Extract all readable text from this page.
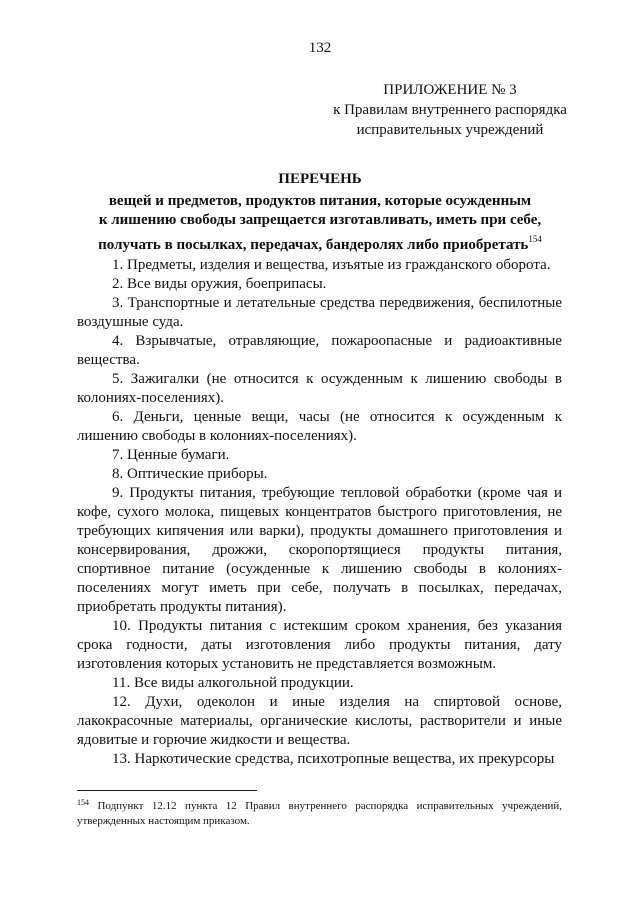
132
ПРИЛОЖЕНИЕ № 3
к Правилам внутреннего распорядка
исправительных учреждений
ПЕРЕЧЕНЬ
вещей и предметов, продуктов питания, которые осужденным
к лишению свободы запрещается изготавливать, иметь при себе,
получать в посылках, передачах, бандеролях либо приобретать$^{154}$

1. Предметы, изделия и вещества, изъятые из гражданского оборота.

2. Все виды оружия, боеприпасы.

3. Транспортные и летательные средства передвижения, беспилотные воздушные суда.

4. Взрывчатые, отравляющие, пожароопасные и радиоактивные вещества.

5. Зажигалки (не относится к осужденным к лишению свободы в колониях-поселениях).

6. Деньги, ценные вещи, часы (не относится к осужденным к лишению свободы в колониях-поселениях).

7. Ценные бумаги.

8. Оптические приборы.

9. Продукты питания, требующие тепловой обработки (кроме чая и кофе, сухого молока, пищевых концентратов быстрого приготовления, не требующих кипячения или варки), продукты домашнего приготовления и консервирования, дрожжи, скоропортящиеся продукты питания, спортивное питание (осужденные к лишению свободы в колониях-поселениях могут иметь при себе, получать в посылках, передачах, приобретать продукты питания).

10. Продукты питания с истекшим сроком хранения, без указания срока годности, даты изготовления либо продукты питания, дату изготовления которых установить не представляется возможным.

11. Все виды алкогольной продукции.

12. Духи, одеколон и иные изделия на спиртовой основе, лакокрасочные материалы, органические кислоты, растворители и иные ядовитые и горючие жидкости и вещества.

13. Наркотические средства, психотропные вещества, их прекурсоры

$^{154}$ Подпункт 12.12 пункта 12 Правил внутреннего распорядка исправительных учреждений, утвержденных настоящим приказом.
